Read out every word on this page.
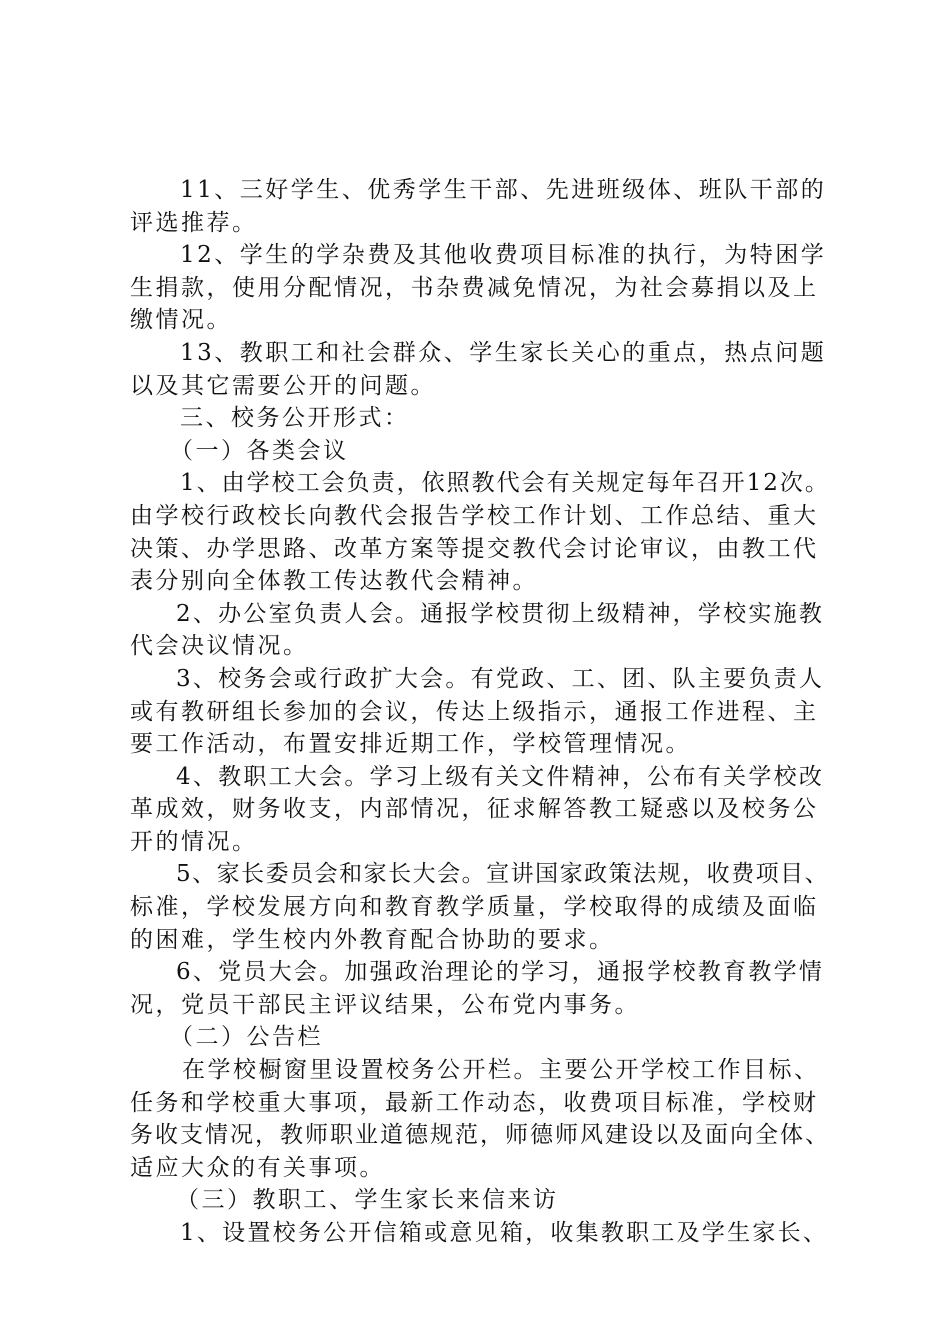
11、三好学生、优秀学生干部、先进班级体、班队干部的
评选推荐。
12、学生的学杂费及其他收费项目标准的执行，为特困学
生捐款，使用分配情况，书杂费减免情况，为社会募捐以及上
缴情况。
13、教职工和社会群众、学生家长关心的重点，热点问题
以及其它需要公开的问题。
三、校务公开形式：
（一）各类会议
1、由学校工会负责，依照教代会有关规定每年召开12次。
由学校行政校长向教代会报告学校工作计划、工作总结、重大
决策、办学思路、改革方案等提交教代会讨论审议，由教工代
表分别向全体教工传达教代会精神。
2、办公室负责人会。通报学校贯彻上级精神，学校实施教
代会决议情况。
3、校务会或行政扩大会。有党政、工、团、队主要负责人
或有教研组长参加的会议，传达上级指示，通报工作进程、主
要工作活动，布置安排近期工作，学校管理情况。
4、教职工大会。学习上级有关文件精神，公布有关学校改
革成效，财务收支，内部情况，征求解答教工疑惑以及校务公
开的情况。
5、家长委员会和家长大会。宣讲国家政策法规，收费项目、
标准，学校发展方向和教育教学质量，学校取得的成绩及面临
的困难，学生校内外教育配合协助的要求。
6、党员大会。加强政治理论的学习，通报学校教育教学情
况，党员干部民主评议结果，公布党内事务。
（二）公告栏
在学校橱窗里设置校务公开栏。主要公开学校工作目标、
任务和学校重大事项，最新工作动态，收费项目标准，学校财
务收支情况，教师职业道德规范，师德师风建设以及面向全体、
适应大众的有关事项。
（三）教职工、学生家长来信来访
1、设置校务公开信箱或意见箱，收集教职工及学生家长、
